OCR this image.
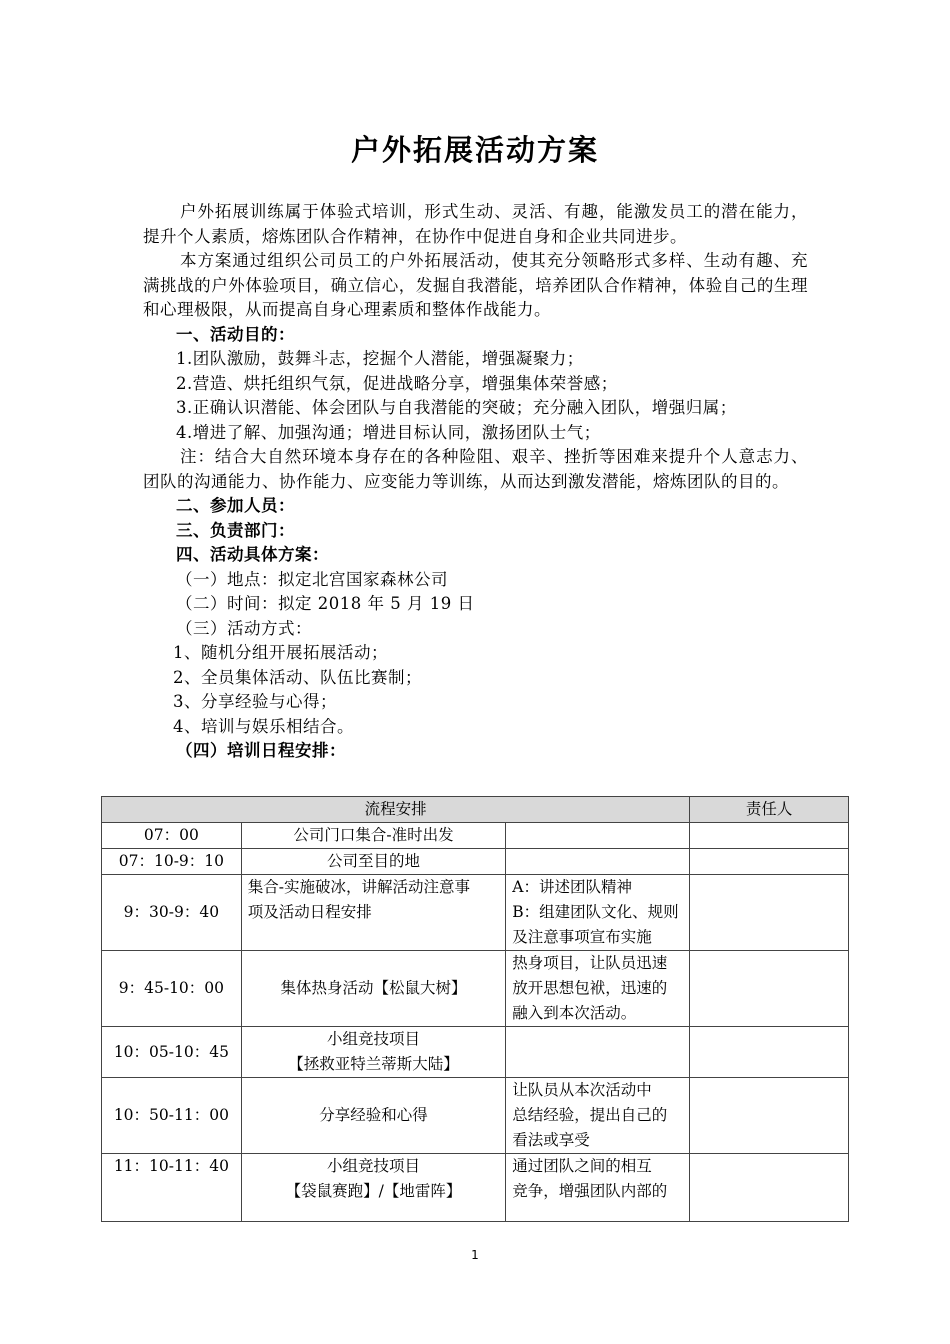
户外拓展活动方案

户外拓展训练属于体验式培训，形式生动、灵活、有趣，能激发员工的潜在能力，提升个人素质，熔炼团队合作精神，在协作中促进自身和企业共同进步。

本方案通过组织公司员工的户外拓展活动，使其充分领略形式多样、生动有趣、充满挑战的户外体验项目，确立信心，发掘自我潜能，培养团队合作精神，体验自己的生理和心理极限，从而提高自身心理素质和整体作战能力。

一、活动目的：

1.团队激励，鼓舞斗志，挖掘个人潜能，增强凝聚力；

2.营造、烘托组织气氛，促进战略分享，增强集体荣誉感；

3.正确认识潜能、体会团队与自我潜能的突破；充分融入团队，增强归属；

4.增进了解、加强沟通；增进目标认同，激扬团队士气；

注：结合大自然环境本身存在的各种险阻、艰辛、挫折等困难来提升个人意志力、团队的沟通能力、协作能力、应变能力等训练，从而达到激发潜能，熔炼团队的目的。

二、参加人员：

三、负责部门：

四、活动具体方案：

（一）地点：拟定北宫国家森林公司

（二）时间：拟定 2018 年 5 月 19 日

（三）活动方式：

1、随机分组开展拓展活动；

2、全员集体活动、队伍比赛制；

3、分享经验与心得；

4、培训与娱乐相结合。

（四）培训日程安排：

流程安排			责任人
07：00	公司门口集合-准时出发		

07：10-9：10	公司至目的地		

9：30-9：40	集合-实施破冰，讲解活动注意事
项及活动日程安排	A：讲述团队精神
B：组建团队文化、规则
及注意事项宣布实施	

9：45-10：00	集体热身活动【松鼠大树】	热身项目，让队员迅速
放开思想包袱，迅速的
融入到本次活动。	

10：05-10：45	小组竞技项目
【拯救亚特兰蒂斯大陆】		

10：50-11：00	分享经验和心得	让队员从本次活动中
总结经验，提出自己的
看法或享受	

11：10-11：40	小组竞技项目
【袋鼠赛跑】/【地雷阵】	通过团队之间的相互
竞争，增强团队内部的	

1
